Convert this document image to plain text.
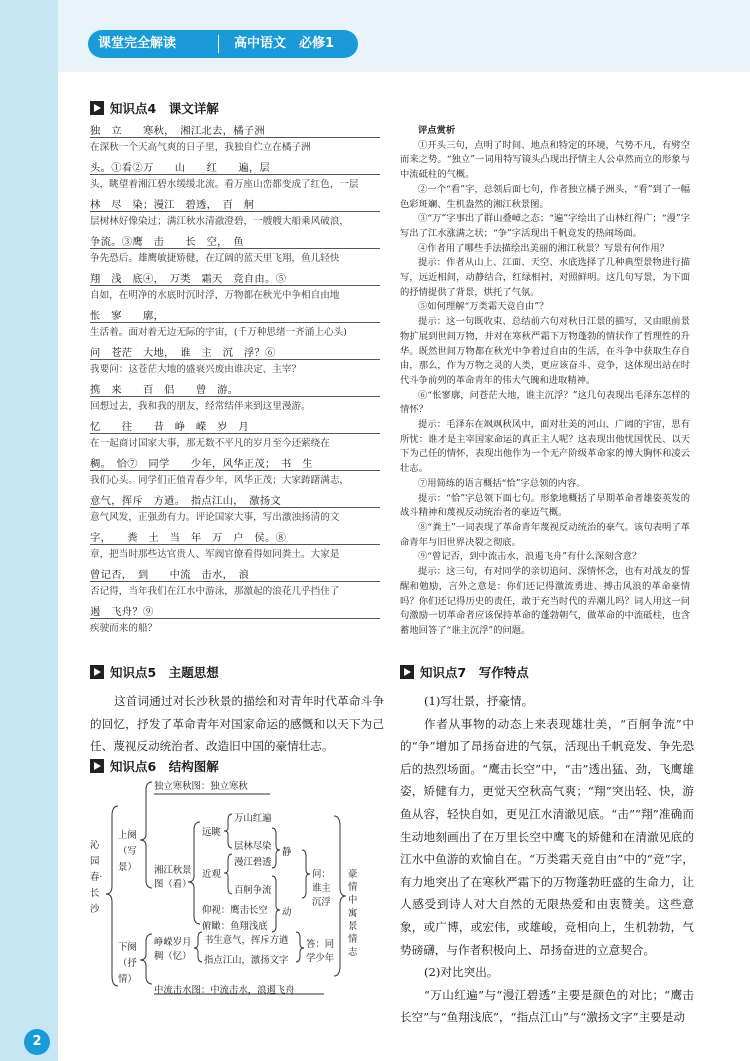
课堂完全解读	高中语文　必修1
知识点4　课文详解
独　立　　寒秋，　湘江北去，橘子洲
在深秋一个天高气爽的日子里，我独自伫立在橘子洲
头。①看②万　　山　　红　　遍，层
头，眺望着湘江碧水缓缓北流。看万座山峦都变成了红色，一层
林　尽　染；漫江　碧透，　百　舸
层树林好像染过；满江秋水清澈澄碧，一艘艘大船乘风破浪，
争流。③鹰　击　　长　空，　鱼
争先恐后。雄鹰敏捷矫健，在辽阔的蓝天里飞翔，鱼儿轻快
翔　浅　底④，　万类　霜天　竞自由。⑤
自如，在明净的水底时沉时浮，万物都在秋光中争相自由地
怅　寥　　廓，
生活着。面对着无边无际的宇宙，(千万种思绪一齐涌上心头)
问　苍茫　大地，　谁　主　沉　浮？⑥
我要问：这苍茫大地的盛衰兴废由谁决定、主宰？
携　来　　百　侣　　曾　游。
回想过去，我和我的朋友，经常结伴来到这里漫游。
忆　　往　　昔　峥　嵘　岁　月
在一起商讨国家大事，那无数不平凡的岁月至今还萦绕在
稠。　恰⑦　同学　　少年，风华正茂；　书　生
我们心头。同学们正值青春少年，风华正茂；大家踌躇满志，
意气，挥斥　方遒。　指点江山，　激扬文
意气风发，正强劲有力。评论国家大事，写出激浊扬清的文
字，　　粪　土　当　年　万　户　侯。⑧
章，把当时那些达官贵人、军阀官僚看得如同粪土。大家是
曾记否，　到　　中流　击水，　浪
否记得，当年我们在江水中游泳，那激起的浪花几乎挡住了
遏　飞舟？⑨
疾驶而来的船？

评点赏析

①开头三句，点明了时间、地点和特定的环境，气势不凡，有劈空而来之势。“独立”一词用特写镜头凸现出抒情主人公卓然而立的形象与中流砥柱的气概。

②一个“看”字，总领后面七句，作者独立橘子洲头，“看”到了一幅色彩斑斓、生机盎然的湘江秋景图。

③“万”字事出了群山叠嶂之态；“遍”字绘出了山林红得广；“漫”字写出了江水涨满之状；“争”字活现出千帆竞发的热闹场面。

④作者用了哪些手法描绘出美丽的湘江秋景？写景有何作用？

提示：作者从山上、江面、天空、水底选择了几种典型景物进行描写，远近相间，动静结合，红绿相衬，对照鲜明。这几句写景，为下面的抒情提供了背景，烘托了气氛。

⑤如何理解“万类霜天竞自由”？

提示：这一句既收束、总结前六句对秋日江景的描写，又由眼前景物扩展到世间万物，并对在寒秋严霜下万物蓬勃的情状作了哲理性的升华。既然世间万物都在秋光中争着过自由的生活，在斗争中获取生存自由，那么，作为万物之灵的人类，更应该奋斗、竞争，这体现出站在时代斗争前列的革命青年的伟大气魄和进取精神。

⑥“怅寥廓，问苍茫大地，谁主沉浮？”这几句表现出毛泽东怎样的情怀？

提示：毛泽东在飒飒秋风中，面对壮美的河山、广阔的宇宙，思有所忧：谁才是主宰国家命运的真正主人呢？这表现出他忧国忧民、以天下为己任的情怀，表现出他作为一个无产阶级革命家的博大胸怀和凌云壮志。

⑦用简练的语言概括“恰”字总领的内容。

提示：“恰”字总领下面七句。形象地概括了早期革命者雄姿英发的战斗精神和蔑视反动统治者的豪迈气概。

⑧“粪土”一词表现了革命青年蔑视反动统治的豪气。该句表明了革命青年与旧世界决裂之彻底。

⑨“曾记否，到中流击水，浪遏飞舟”有什么深刻含意？

提示：这三句，有对同学的亲切追问、深情怀念，也有对战友的誓醒和勉励，言外之意是：你们还记得激流勇进、搏击风浪的革命豪情吗？你们还记得历史的责任，敢于充当时代的弄潮儿吗？词人用这一问句激励一切革命者应该保持革命的蓬勃朝气，做革命的中流砥柱，也含蓄地回答了“谁主沉浮”的问题。

知识点5　主题思想

这首词通过对长沙秋景的描绘和对青年时代革命斗争的回忆，抒发了革命青年对国家命运的感慨和以天下为己任、蔑视反动统治者、改造旧中国的豪情壮志。

知识点6　结构图解
沁园春·长沙
上阕（写景）
下阕（抒情）
独立寒秋图：独立寒秋
湘江秋景图（看）
远眺
近观
仰视：鹰击长空
俯瞰：鱼翔浅底
万山红遍
层林尽染
漫江碧透
百舸争流
静
动
问：谁主沉浮
峥嵘岁月稠（忆）
书生意气，挥斥方遒
指点江山，激扬文字
中流击水图：中流击水，浪遏飞舟
答：同学少年
豪情中寓景情志
知识点7　写作特点

(1)写壮景，抒豪情。

作者从事物的动态上来表现雄壮美，“百舸争流”中的“争”增加了昂扬奋进的气氛，活现出千帆竞发、争先恐后的热烈场面。“鹰击长空”中，“击”透出猛、劲，飞鹰雄姿，矫健有力，更觉天空秋高气爽；“翔”突出轻、快，游鱼从容，轻快自如，更见江水清澈见底。“击”“翔”准确而生动地刻画出了在万里长空中鹰飞的矫健和在清澈见底的江水中鱼游的欢愉自在。“万类霜天竞自由”中的“竞”字，有力地突出了在寒秋严霜下的万物蓬勃旺盛的生命力，让人感受到诗人对大自然的无限热爱和由衷赞美。这些意象，或广博，或宏伟，或雄峻，竞相向上，生机勃勃，气势磅礴，与作者积极向上、昂扬奋进的立意契合。

(2)对比突出。

“万山红遍”与“漫江碧透”主要是颜色的对比；“鹰击长空”与“鱼翔浅底”，“指点江山”与“激扬文字”主要是动

2
